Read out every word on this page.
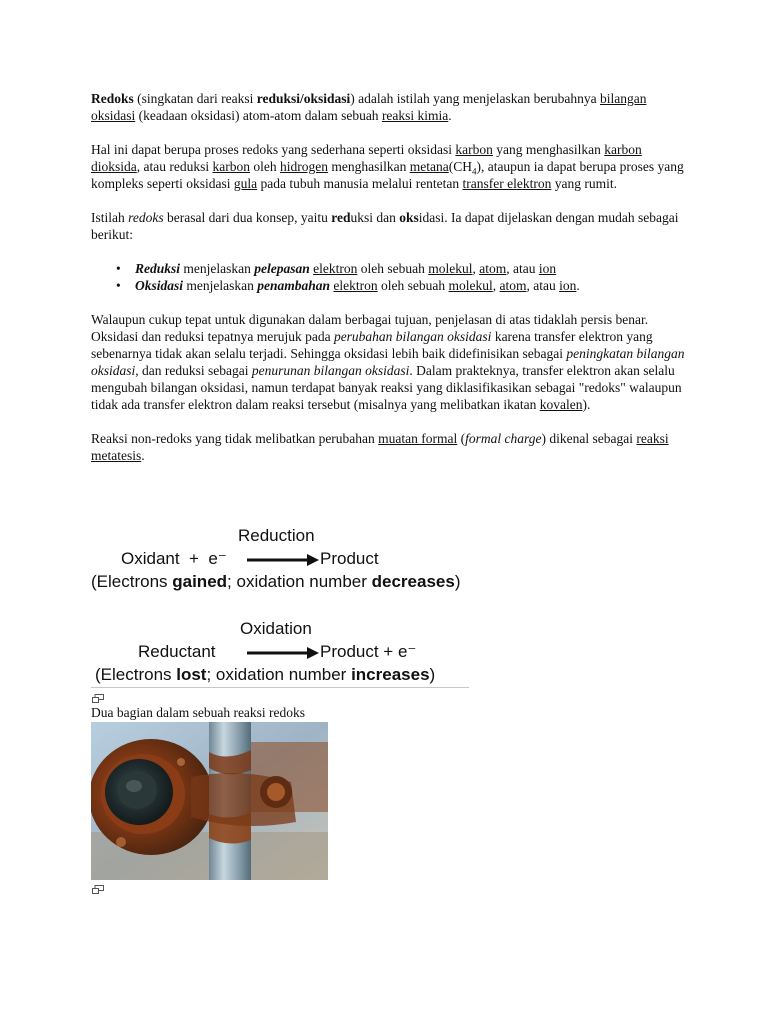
Redoks (singkatan dari reaksi reduksi/oksidasi) adalah istilah yang menjelaskan berubahnya bilangan oksidasi (keadaan oksidasi) atom-atom dalam sebuah reaksi kimia.

Hal ini dapat berupa proses redoks yang sederhana seperti oksidasi karbon yang menghasilkan karbon dioksida, atau reduksi karbon oleh hidrogen menghasilkan $metana(CH_4)$, ataupun ia dapat berupa proses yang kompleks seperti oksidasi gula pada tubuh manusia melalui rentetan transfer elektron yang rumit.

Istilah redoks berasal dari dua konsep, yaitu reduksi dan oksidasi. Ia dapat dijelaskan dengan mudah sebagai berikut:

• Reduksi menjelaskan pelepasan elektron oleh sebuah molekul, atom, atau ion
• Oksidasi menjelaskan penambahan elektron oleh sebuah molekul, atom, atau ion.

Walaupun cukup tepat untuk digunakan dalam berbagai tujuan, penjelasan di atas tidaklah persis benar. Oksidasi dan reduksi tepatnya merujuk pada perubahan bilangan oksidasi karena transfer elektron yang sebenarnya tidak akan selalu terjadi. Sehingga oksidasi lebih baik didefinisikan sebagai peningkatan bilangan oksidasi, dan reduksi sebagai penurunan bilangan oksidasi. Dalam prakteknya, transfer elektron akan selalu mengubah bilangan oksidasi, namun terdapat banyak reaksi yang diklasifikasikan sebagai "redoks" walaupun tidak ada transfer elektron dalam reaksi tersebut (misalnya yang melibatkan ikatan kovalen).

Reaksi non-redoks yang tidak melibatkan perubahan muatan formal (formal charge) dikenal sebagai reaksi metatesis.

Reduction
Oxidant  +  e⁻	Product
(Electrons gained; oxidation number decreases)
Oxidation
Reductant	Product + e⁻
(Electrons lost; oxidation number increases)
Dua bagian dalam sebuah reaksi redoks
